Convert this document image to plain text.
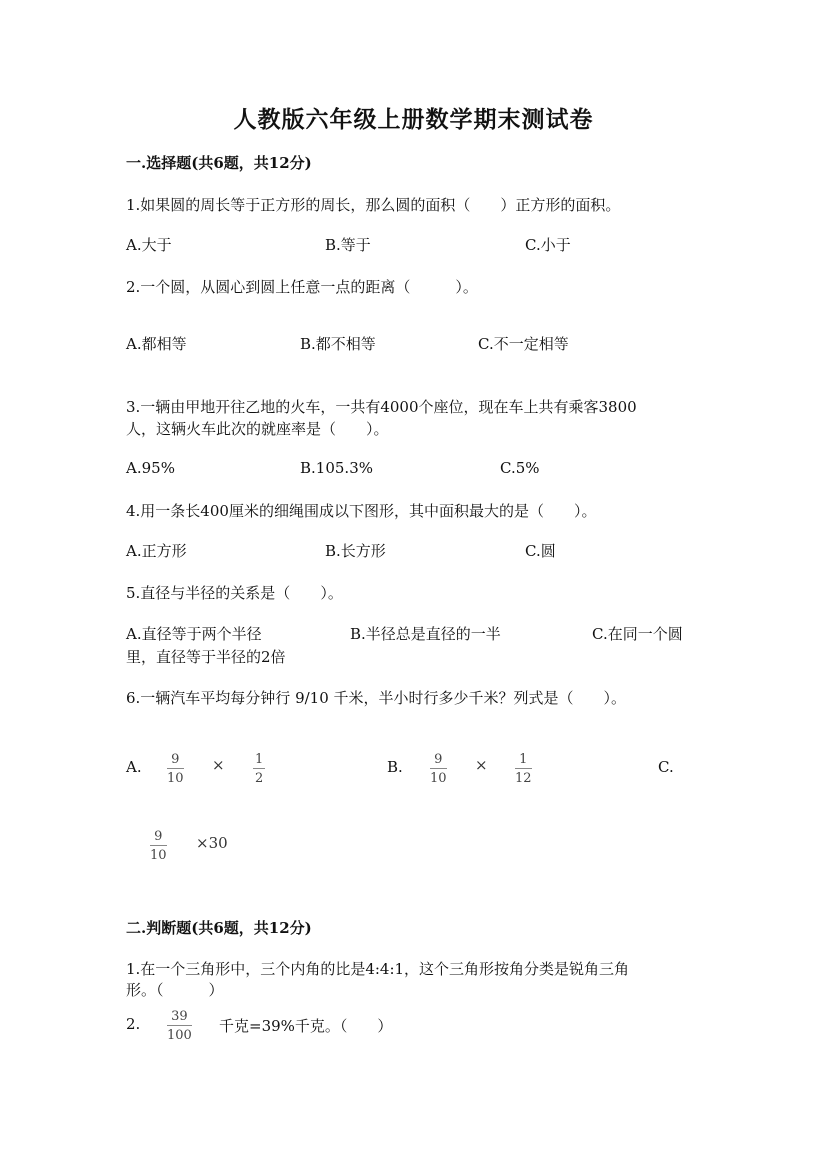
人教版六年级上册数学期末测试卷
一.选择题(共6题，共12分)
1.如果圆的周长等于正方形的周长，那么圆的面积（　　）正方形的面积。
A.大于	B.等于	C.小于
2.一个圆，从圆心到圆上任意一点的距离（　　　）。
A.都相等	B.都不相等	C.不一定相等
3.一辆由甲地开往乙地的火车，一共有4000个座位，现在车上共有乘客3800
人，这辆火车此次的就座率是（　　）。
A.95%	B.105.3%	C.5%
4.用一条长400厘米的细绳围成以下图形，其中面积最大的是（　　）。
A.正方形	B.长方形	C.圆
5.直径与半径的关系是（　　）。
A.直径等于两个半径	B.半径总是直径的一半	C.在同一个圆
里，直径等于半径的2倍
6.一辆汽车平均每分钟行 9/10 千米，半小时行多少千米？列式是（　　）。
A. 9
10
× 1
2
B. 9
10
× 1
12
C.
9
10
×30
二.判断题(共6题，共12分)
1.在一个三角形中，三个内角的比是4:4:1，这个三角形按角分类是锐角三角
形。（　　　）
2. 39
100
千克=39%千克。（　　）
